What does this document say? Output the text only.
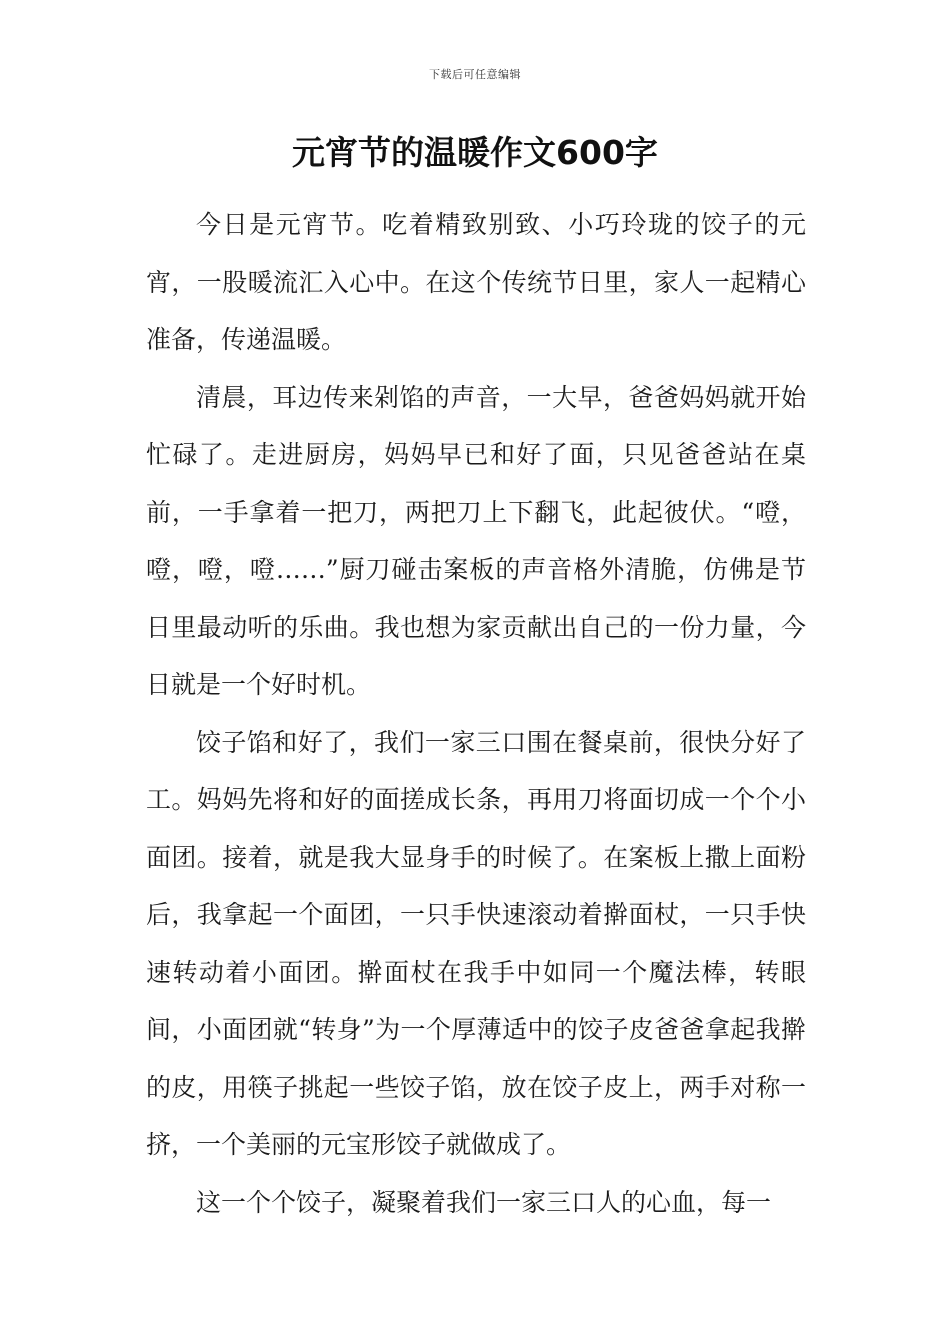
下载后可任意编辑
元宵节的温暖作文600字

今日是元宵节。吃着精致别致、小巧玲珑的饺子的元宵，一股暖流汇入心中。在这个传统节日里，家人一起精心准备，传递温暖。

清晨，耳边传来剁馅的声音，一大早，爸爸妈妈就开始忙碌了。走进厨房，妈妈早已和好了面，只见爸爸站在桌前，一手拿着一把刀，两把刀上下翻飞，此起彼伏。“噔，噔，噔，噔……”厨刀碰击案板的声音格外清脆，仿佛是节日里最动听的乐曲。我也想为家贡献出自己的一份力量，今日就是一个好时机。

饺子馅和好了，我们一家三口围在餐桌前，很快分好了工。妈妈先将和好的面搓成长条，再用刀将面切成一个个小面团。接着，就是我大显身手的时候了。在案板上撒上面粉后，我拿起一个面团，一只手快速滚动着擀面杖，一只手快速转动着小面团。擀面杖在我手中如同一个魔法棒，转眼间，小面团就“转身”为一个厚薄适中的饺子皮爸爸拿起我擀的皮，用筷子挑起一些饺子馅，放在饺子皮上，两手对称一挤，一个美丽的元宝形饺子就做成了。

这一个个饺子，凝聚着我们一家三口人的心血，每一
